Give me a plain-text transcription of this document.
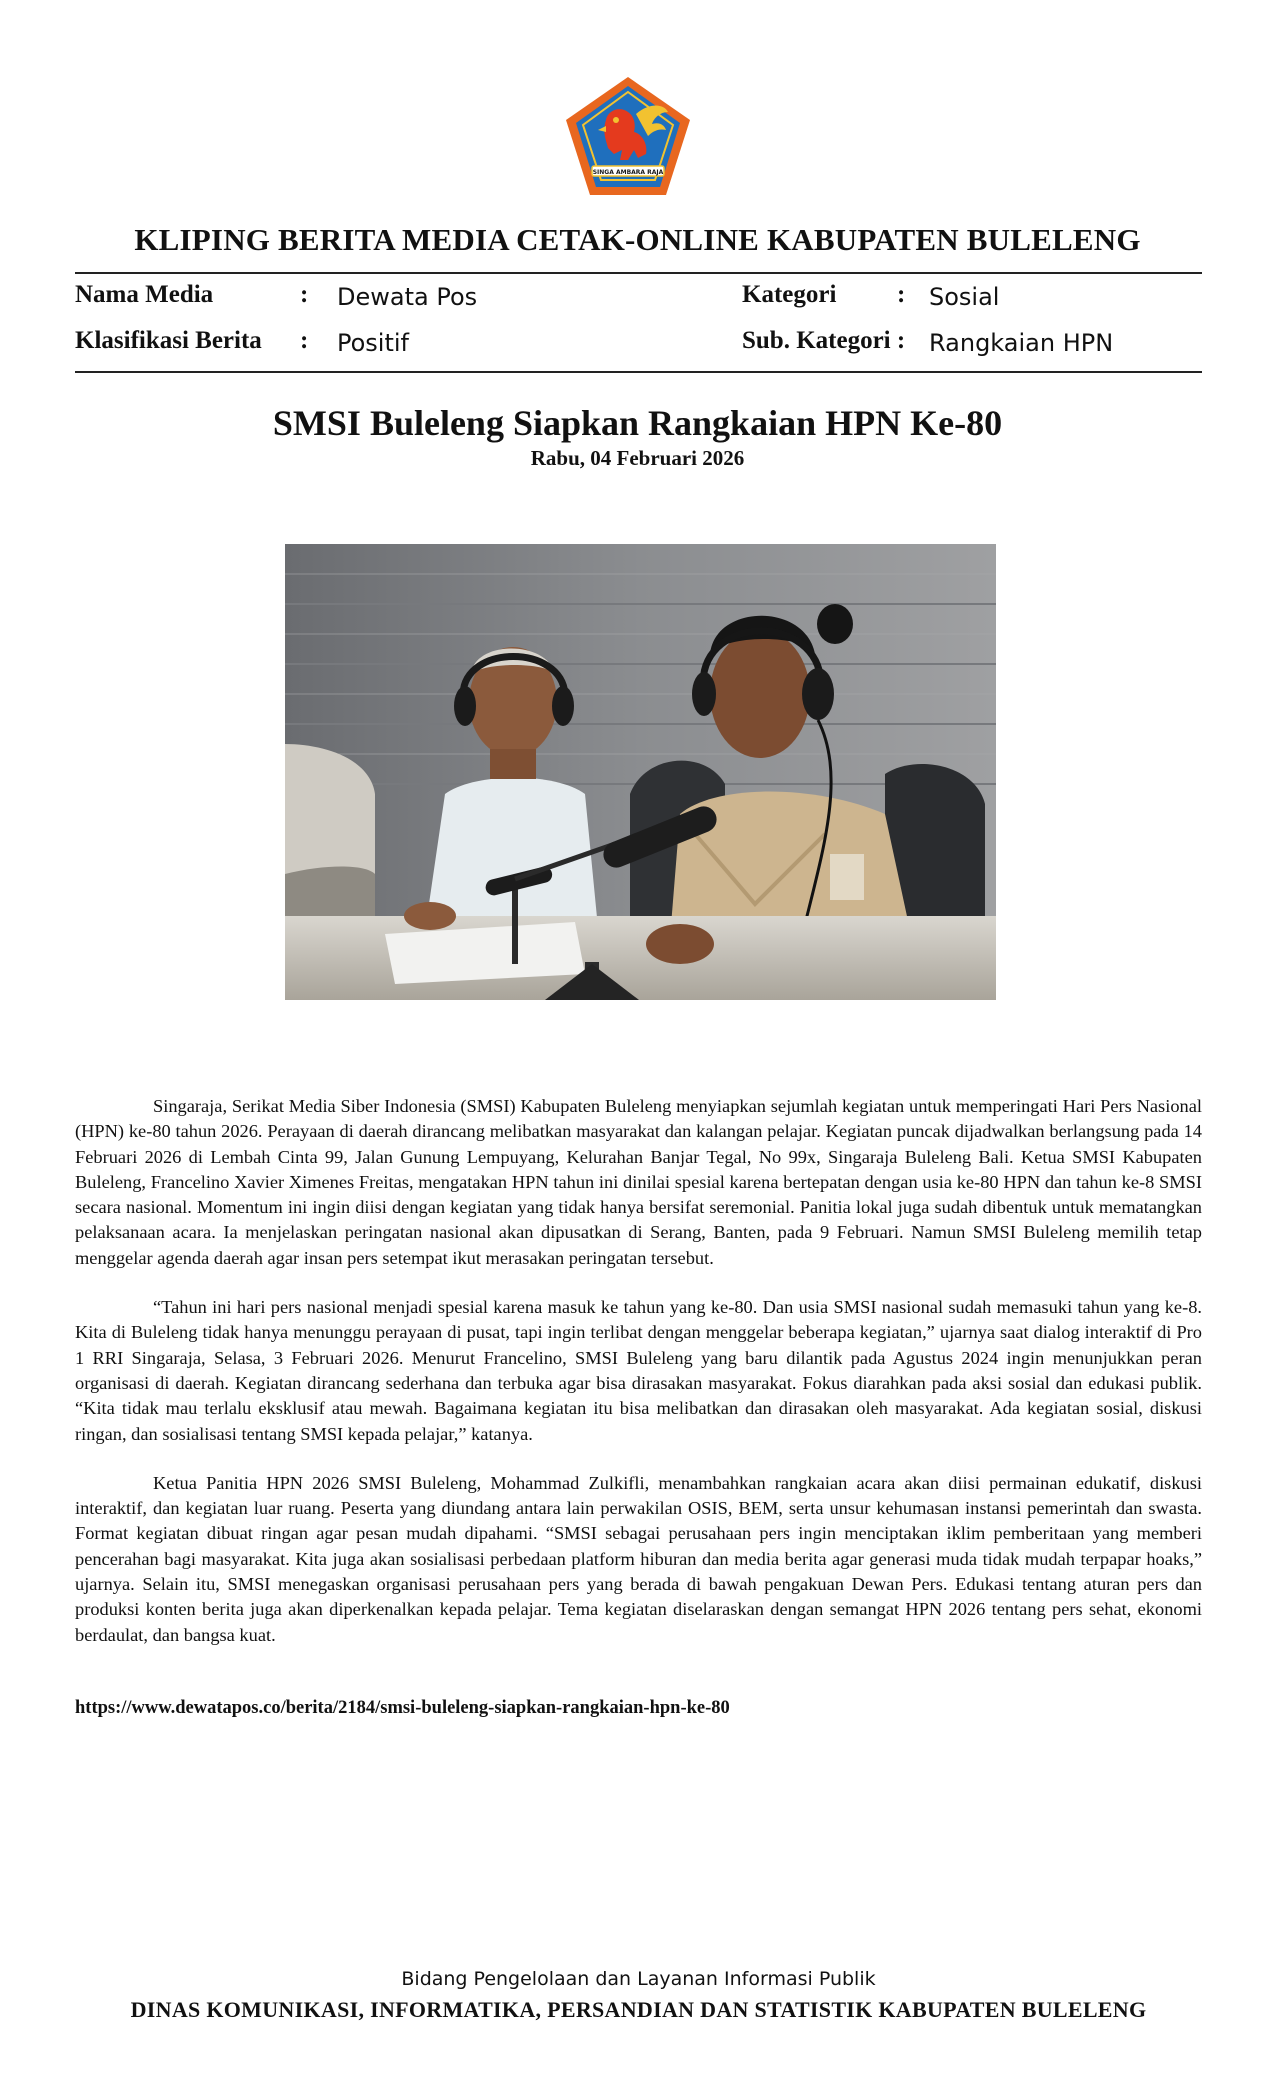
SINGA AMBARA RAJA
KLIPING BERITA MEDIA CETAK-ONLINE KABUPATEN BULELENG
Nama Media	: Dewata Pos
Klasifikasi Berita : Positif
Kategori : Sosial
Sub. Kategori : Rangkaian HPN
SMSI Buleleng Siapkan Rangkaian HPN Ke-80
Rabu, 04 Februari 2026

Singaraja, Serikat Media Siber Indonesia (SMSI) Kabupaten Buleleng menyiapkan sejumlah kegiatan untuk memperingati Hari Pers Nasional (HPN) ke-80 tahun 2026. Perayaan di daerah dirancang melibatkan masyarakat dan kalangan pelajar. Kegiatan puncak dijadwalkan berlangsung pada 14 Februari 2026 di Lembah Cinta 99, Jalan Gunung Lempuyang, Kelurahan Banjar Tegal, No 99x, Singaraja Buleleng Bali. Ketua SMSI Kabupaten Buleleng, Francelino Xavier Ximenes Freitas, mengatakan HPN tahun ini dinilai spesial karena bertepatan dengan usia ke-80 HPN dan tahun ke-8 SMSI secara nasional. Momentum ini ingin diisi dengan kegiatan yang tidak hanya bersifat seremonial. Panitia lokal juga sudah dibentuk untuk mematangkan pelaksanaan acara. Ia menjelaskan peringatan nasional akan dipusatkan di Serang, Banten, pada 9 Februari. Namun SMSI Buleleng memilih tetap menggelar agenda daerah agar insan pers setempat ikut merasakan peringatan tersebut.

“Tahun ini hari pers nasional menjadi spesial karena masuk ke tahun yang ke-80. Dan usia SMSI nasional sudah memasuki tahun yang ke-8. Kita di Buleleng tidak hanya menunggu perayaan di pusat, tapi ingin terlibat dengan menggelar beberapa kegiatan,” ujarnya saat dialog interaktif di Pro 1 RRI Singaraja, Selasa, 3 Februari 2026. Menurut Francelino, SMSI Buleleng yang baru dilantik pada Agustus 2024 ingin menunjukkan peran organisasi di daerah. Kegiatan dirancang sederhana dan terbuka agar bisa dirasakan masyarakat. Fokus diarahkan pada aksi sosial dan edukasi publik. “Kita tidak mau terlalu eksklusif atau mewah. Bagaimana kegiatan itu bisa melibatkan dan dirasakan oleh masyarakat. Ada kegiatan sosial, diskusi ringan, dan sosialisasi tentang SMSI kepada pelajar,” katanya.

Ketua Panitia HPN 2026 SMSI Buleleng, Mohammad Zulkifli, menambahkan rangkaian acara akan diisi permainan edukatif, diskusi interaktif, dan kegiatan luar ruang. Peserta yang diundang antara lain perwakilan OSIS, BEM, serta unsur kehumasan instansi pemerintah dan swasta. Format kegiatan dibuat ringan agar pesan mudah dipahami. “SMSI sebagai perusahaan pers ingin menciptakan iklim pemberitaan yang memberi pencerahan bagi masyarakat. Kita juga akan sosialisasi perbedaan platform hiburan dan media berita agar generasi muda tidak mudah terpapar hoaks,” ujarnya. Selain itu, SMSI menegaskan organisasi perusahaan pers yang berada di bawah pengakuan Dewan Pers. Edukasi tentang aturan pers dan produksi konten berita juga akan diperkenalkan kepada pelajar. Tema kegiatan diselaraskan dengan semangat HPN 2026 tentang pers sehat, ekonomi berdaulat, dan bangsa kuat.

https://www.dewatapos.co/berita/2184/smsi-buleleng-siapkan-rangkaian-hpn-ke-80
Bidang Pengelolaan dan Layanan Informasi Publik
DINAS KOMUNIKASI, INFORMATIKA, PERSANDIAN DAN STATISTIK KABUPATEN BULELENG
